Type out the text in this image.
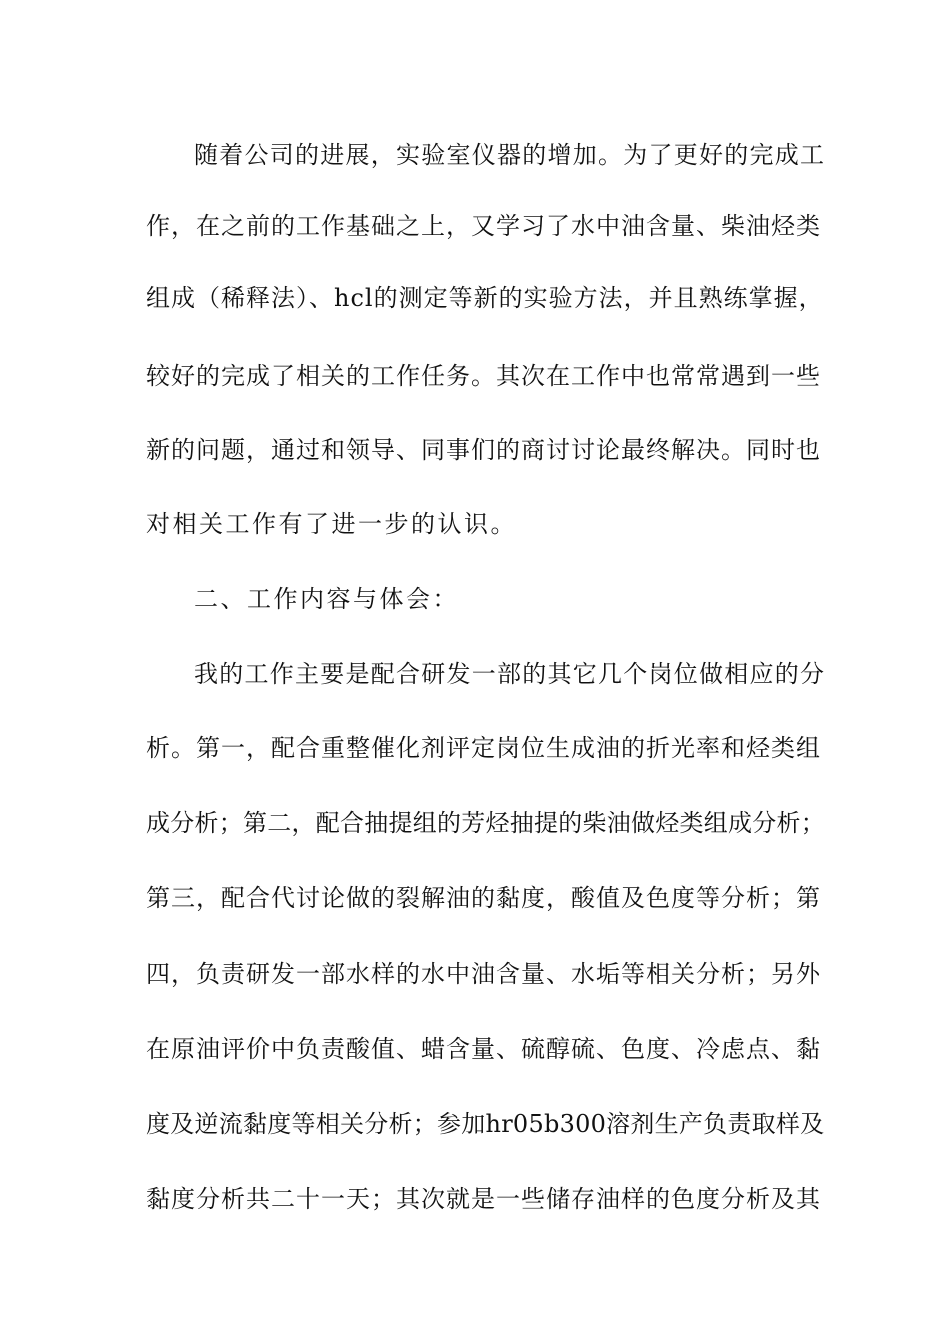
随着公司的进展，实验室仪器的增加。为了更好的完成工
作，在之前的工作基础之上，又学习了水中油含量、柴油烃类
组成（稀释法）、hcl的测定等新的实验方法，并且熟练掌握，
较好的完成了相关的工作任务。其次在工作中也常常遇到一些
新的问题，通过和领导、同事们的商讨讨论最终解决。同时也
对相关工作有了进一步的认识。
二、工作内容与体会：
我的工作主要是配合研发一部的其它几个岗位做相应的分
析。第一，配合重整催化剂评定岗位生成油的折光率和烃类组
成分析；第二，配合抽提组的芳烃抽提的柴油做烃类组成分析；
第三，配合代讨论做的裂解油的黏度，酸值及色度等分析；第
四，负责研发一部水样的水中油含量、水垢等相关分析；另外
在原油评价中负责酸值、蜡含量、硫醇硫、色度、冷虑点、黏
度及逆流黏度等相关分析；参加hr05b300溶剂生产负责取样及
黏度分析共二十一天；其次就是一些储存油样的色度分析及其
